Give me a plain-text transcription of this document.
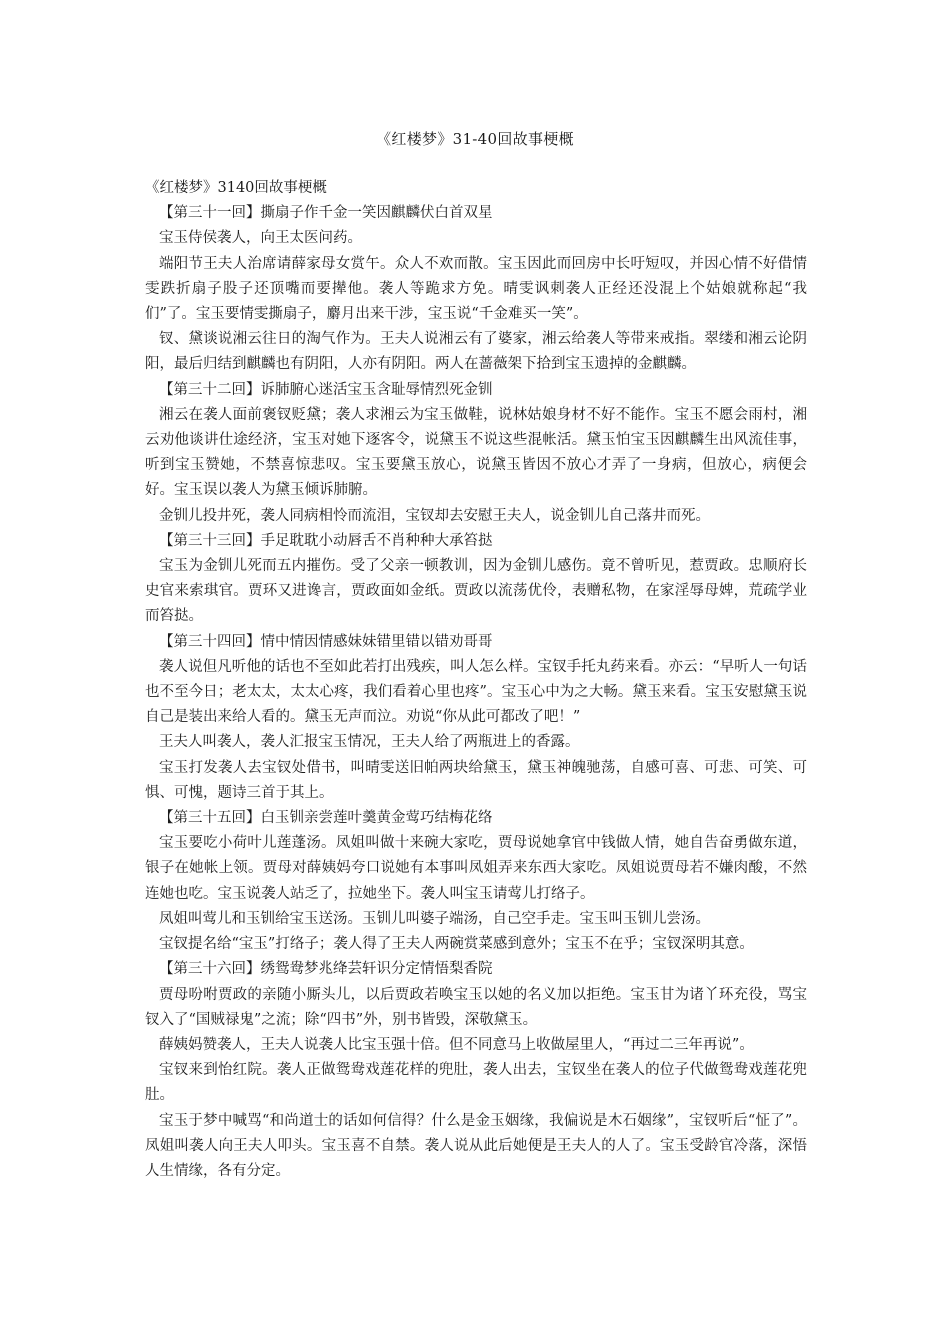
《红楼梦》31-40回故事梗概

《红楼梦》3140回故事梗概

【第三十一回】撕扇子作千金一笑因麒麟伏白首双星

宝玉侍侯袭人，向王太医问药。

端阳节王夫人治席请薛家母女赏午。众人不欢而散。宝玉因此而回房中长吁短叹，并因心情不好借情雯跌折扇子股子还顶嘴而要撵他。袭人等跪求方免。晴雯讽刺袭人正经还没混上个姑娘就称起“我们”了。宝玉要情雯撕扇子，麝月出来干涉，宝玉说“千金难买一笑”。

钗、黛谈说湘云往日的淘气作为。王夫人说湘云有了婆家，湘云给袭人等带来戒指。翠缕和湘云论阴阳，最后归结到麒麟也有阴阳，人亦有阴阳。两人在蔷薇架下拾到宝玉遗掉的金麒麟。

【第三十二回】诉肺腑心迷活宝玉含耻辱情烈死金钏

湘云在袭人面前褒钗贬黛；袭人求湘云为宝玉做鞋，说林姑娘身材不好不能作。宝玉不愿会雨村，湘云劝他谈讲仕途经济，宝玉对她下逐客令，说黛玉不说这些混帐活。黛玉怕宝玉因麒麟生出风流佳事，听到宝玉赞她，不禁喜惊悲叹。宝玉要黛玉放心，说黛玉皆因不放心才弄了一身病，但放心，病便会好。宝玉误以袭人为黛玉倾诉肺腑。

金钏儿投井死，袭人同病相怜而流泪，宝钗却去安慰王夫人，说金钏儿自己落井而死。

【第三十三回】手足耽耽小动唇舌不肖种种大承笞挞

宝玉为金钏儿死而五内摧伤。受了父亲一顿教训，因为金钏儿感伤。竟不曾听见，惹贾政。忠顺府长史官来索琪官。贾环又进谗言，贾政面如金纸。贾政以流荡优伶，表赠私物，在家淫辱母婢，荒疏学业而笞挞。

【第三十四回】情中情因情感妹妹错里错以错劝哥哥

袭人说但凡听他的话也不至如此若打出残疾，叫人怎么样。宝钗手托丸药来看。亦云：“早听人一句话也不至今日；老太太，太太心疼，我们看着心里也疼”。宝玉心中为之大畅。黛玉来看。宝玉安慰黛玉说自己是装出来给人看的。黛玉无声而泣。劝说“你从此可都改了吧！”

王夫人叫袭人，袭人汇报宝玉情况，王夫人给了两瓶进上的香露。

宝玉打发袭人去宝钗处借书，叫晴雯送旧帕两块给黛玉，黛玉神魄驰荡，自感可喜、可悲、可笑、可惧、可愧，题诗三首于其上。

【第三十五回】白玉钏亲尝莲叶羹黄金莺巧结梅花络

宝玉要吃小荷叶儿莲蓬汤。凤姐叫做十来碗大家吃，贾母说她拿官中钱做人情，她自告奋勇做东道，银子在她帐上领。贾母对薛姨妈夸口说她有本事叫凤姐弄来东西大家吃。凤姐说贾母若不嫌肉酸，不然连她也吃。宝玉说袭人站乏了，拉她坐下。袭人叫宝玉请莺儿打络子。

凤姐叫莺儿和玉钏给宝玉送汤。玉钏儿叫婆子端汤，自己空手走。宝玉叫玉钏儿尝汤。

宝钗提名给“宝玉”打络子；袭人得了王夫人两碗赏菜感到意外；宝玉不在乎；宝钗深明其意。

【第三十六回】绣鸳鸯梦兆绛芸轩识分定情悟梨香院

贾母吩咐贾政的亲随小厮头儿，以后贾政若唤宝玉以她的名义加以拒绝。宝玉甘为诸丫环充役，骂宝钗入了“国贼禄鬼”之流；除“四书”外，别书皆毁，深敬黛玉。

薛姨妈赞袭人，王夫人说袭人比宝玉强十倍。但不同意马上收做屋里人，“再过二三年再说”。

宝钗来到怡红院。袭人正做鸳鸯戏莲花样的兜肚，袭人出去，宝钗坐在袭人的位子代做鸳鸯戏莲花兜肚。

宝玉于梦中喊骂“和尚道士的话如何信得？什么是金玉姻缘，我偏说是木石姻缘”，宝钗听后“怔了”。凤姐叫袭人向王夫人叩头。宝玉喜不自禁。袭人说从此后她便是王夫人的人了。宝玉受龄官冷落，深悟人生情缘，各有分定。
